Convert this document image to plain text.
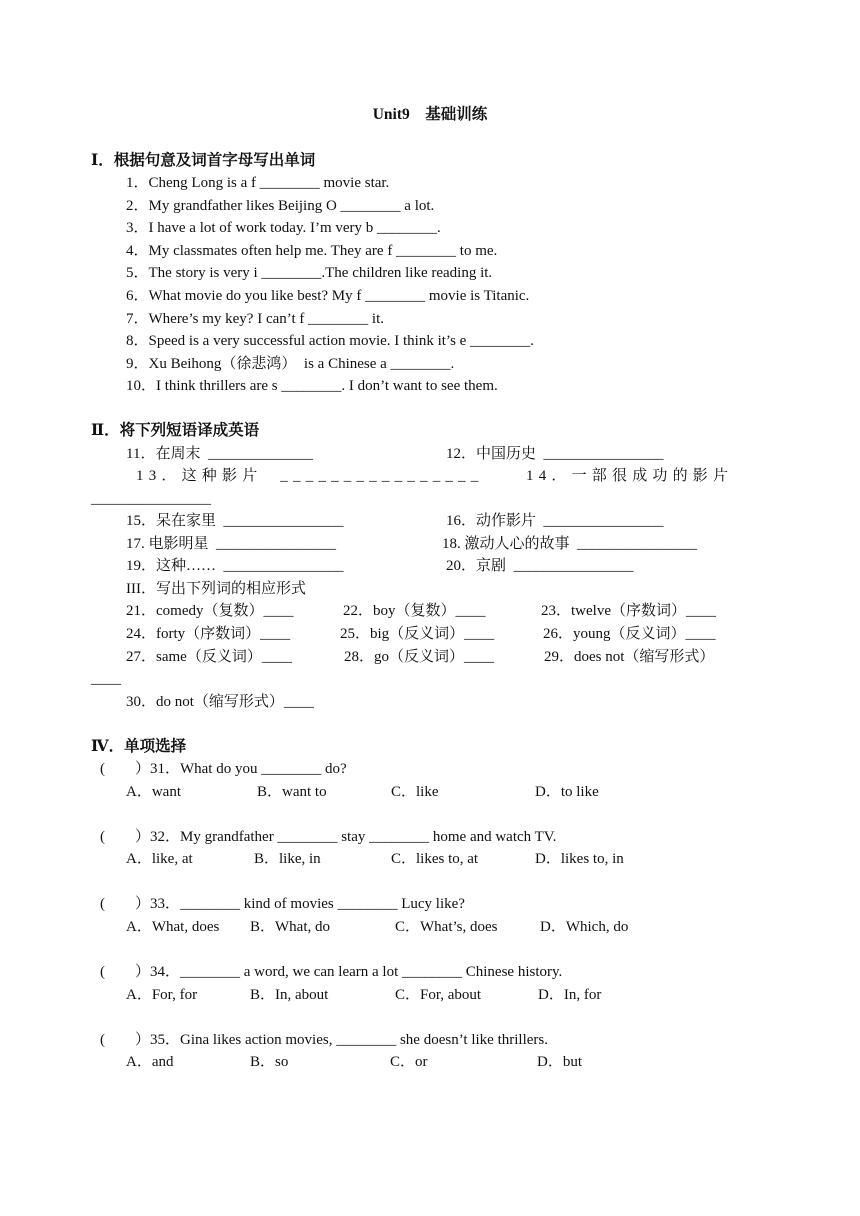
Unit9　基础训练
Ⅰ．根据句意及词首字母写出单词
1．Cheng Long is a f ________ movie star.
2．My grandfather likes Beijing O ________ a lot.
3．I have a lot of work today. I’m very b ________.
4．My classmates often help me. They are f ________ to me.
5．The story is very i ________.The children like reading it.
6．What movie do you like best? My f ________ movie is Titanic.
7．Where’s my key? I can’t f ________ it.
8．Speed is a very successful action movie. I think it’s e ________.
9．Xu Beihong（徐悲鸿）  is a Chinese a ________.
10．I think thrillers are s ________. I don’t want to see them.
Ⅱ．将下列短语译成英语
11．在周末  ______________	12．中国历史  ________________
13．这种影片  ________________	14．一部很成功的影片
________________
15．呆在家里  ________________	16．动作影片  ________________
17. 电影明星  ________________	18. 激动人心的故事  ________________
19．这种……  ________________	20．京剧  ________________
III．写出下列词的相应形式
21．comedy（复数）____	22．boy（复数）____	23．twelve（序数词）____
24．forty（序数词）____	25．big（反义词）____	26．young（反义词）____
27．same（反义词）____	28．go（反义词）____	29．does not（缩写形式）
____
30．do not（缩写形式）____
Ⅳ．单项选择
(        ）31．What do you ________ do?
A．want	B．want to	C．like	D．to like
(        ）32．My grandfather ________ stay ________ home and watch TV.
A．like, at	B．like, in	C．likes to, at	D．likes to, in
(        ）33．________ kind of movies ________ Lucy like?
A．What, does B．What, do	C．What’s, does	D．Which, do
(        ）34．________ a word, we can learn a lot ________ Chinese history.
A．For, for	B．In, about	C．For, about	D．In, for
(        ）35．Gina likes action movies, ________ she doesn’t like thrillers.
A．and	B．so	C．or	D．but
